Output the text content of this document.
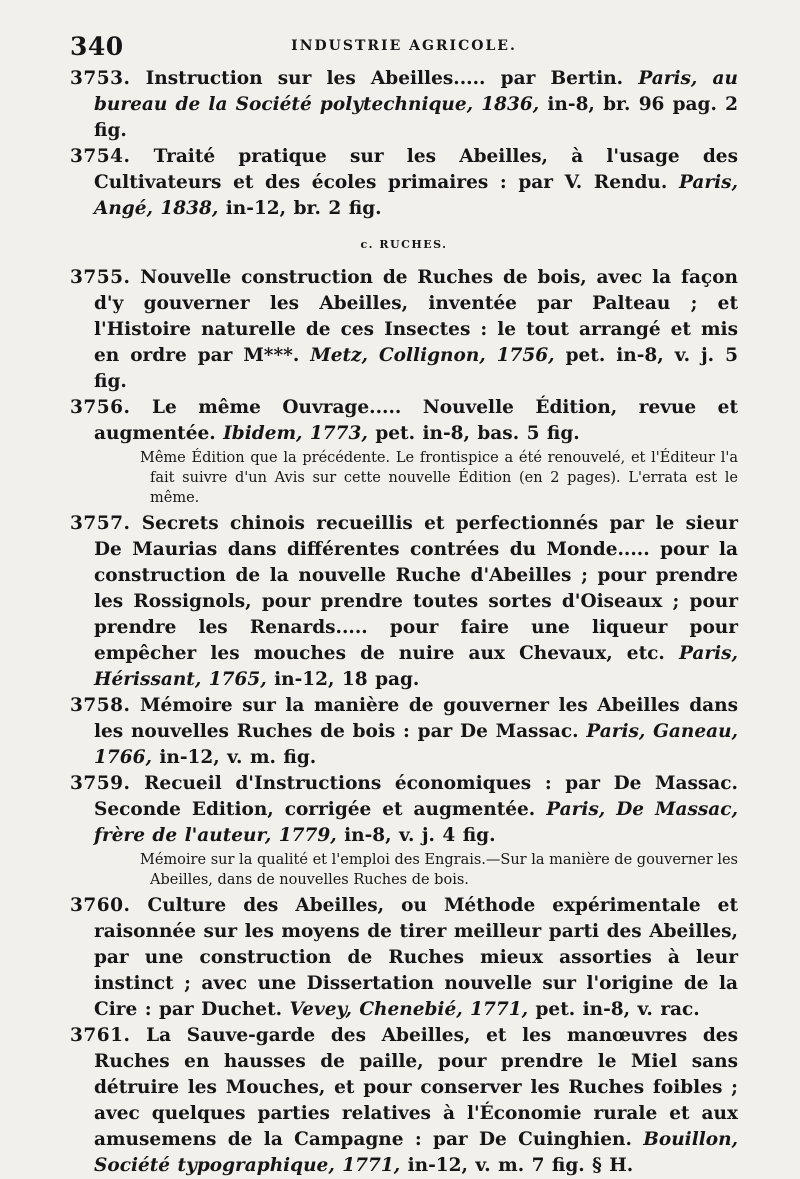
340	INDUSTRIE AGRICOLE.

3753. Instruction sur les Abeilles..... par Bertin. Paris, au bureau de la Société polytechnique, 1836, in-8, br. 96 pag. 2 fig.

3754. Traité pratique sur les Abeilles, à l'usage des Cultivateurs et des écoles primaires : par V. Rendu. Paris, Angé, 1838, in-12, br. 2 fig.

c. RUCHES.

3755. Nouvelle construction de Ruches de bois, avec la façon d'y gouverner les Abeilles, inventée par Palteau ; et l'Histoire naturelle de ces Insectes : le tout arrangé et mis en ordre par M***. Metz, Collignon, 1756, pet. in-8, v. j. 5 fig.

3756. Le même Ouvrage..... Nouvelle Édition, revue et augmentée. Ibidem, 1773, pet. in-8, bas. 5 fig.

Même Édition que la précédente. Le frontispice a été renouvelé, et l'Éditeur l'a fait suivre d'un Avis sur cette nouvelle Édition (en 2 pages). L'errata est le même.

3757. Secrets chinois recueillis et perfectionnés par le sieur De Maurias dans différentes contrées du Monde..... pour la construction de la nouvelle Ruche d'Abeilles ; pour prendre les Rossignols, pour prendre toutes sortes d'Oiseaux ; pour prendre les Renards..... pour faire une liqueur pour empêcher les mouches de nuire aux Chevaux, etc. Paris, Hérissant, 1765, in-12, 18 pag.

3758. Mémoire sur la manière de gouverner les Abeilles dans les nouvelles Ruches de bois : par De Massac. Paris, Ganeau, 1766, in-12, v. m. fig.

3759. Recueil d'Instructions économiques : par De Massac. Seconde Edition, corrigée et augmentée. Paris, De Massac, frère de l'auteur, 1779, in-8, v. j. 4 fig.

Mémoire sur la qualité et l'emploi des Engrais.—Sur la manière de gouverner les Abeilles, dans de nouvelles Ruches de bois.

3760. Culture des Abeilles, ou Méthode expérimentale et raisonnée sur les moyens de tirer meilleur parti des Abeilles, par une construction de Ruches mieux assorties à leur instinct ; avec une Dissertation nouvelle sur l'origine de la Cire : par Duchet. Vevey, Chenebié, 1771, pet. in-8, v. rac.

3761. La Sauve-garde des Abeilles, et les manœuvres des Ruches en hausses de paille, pour prendre le Miel sans détruire les Mouches, et pour conserver les Ruches foibles ; avec quelques parties relatives à l'Économie rurale et aux amusemens de la Campagne : par De Cuinghien. Bouillon, Société typographique, 1771, in-12, v. m. 7 fig. § H.
